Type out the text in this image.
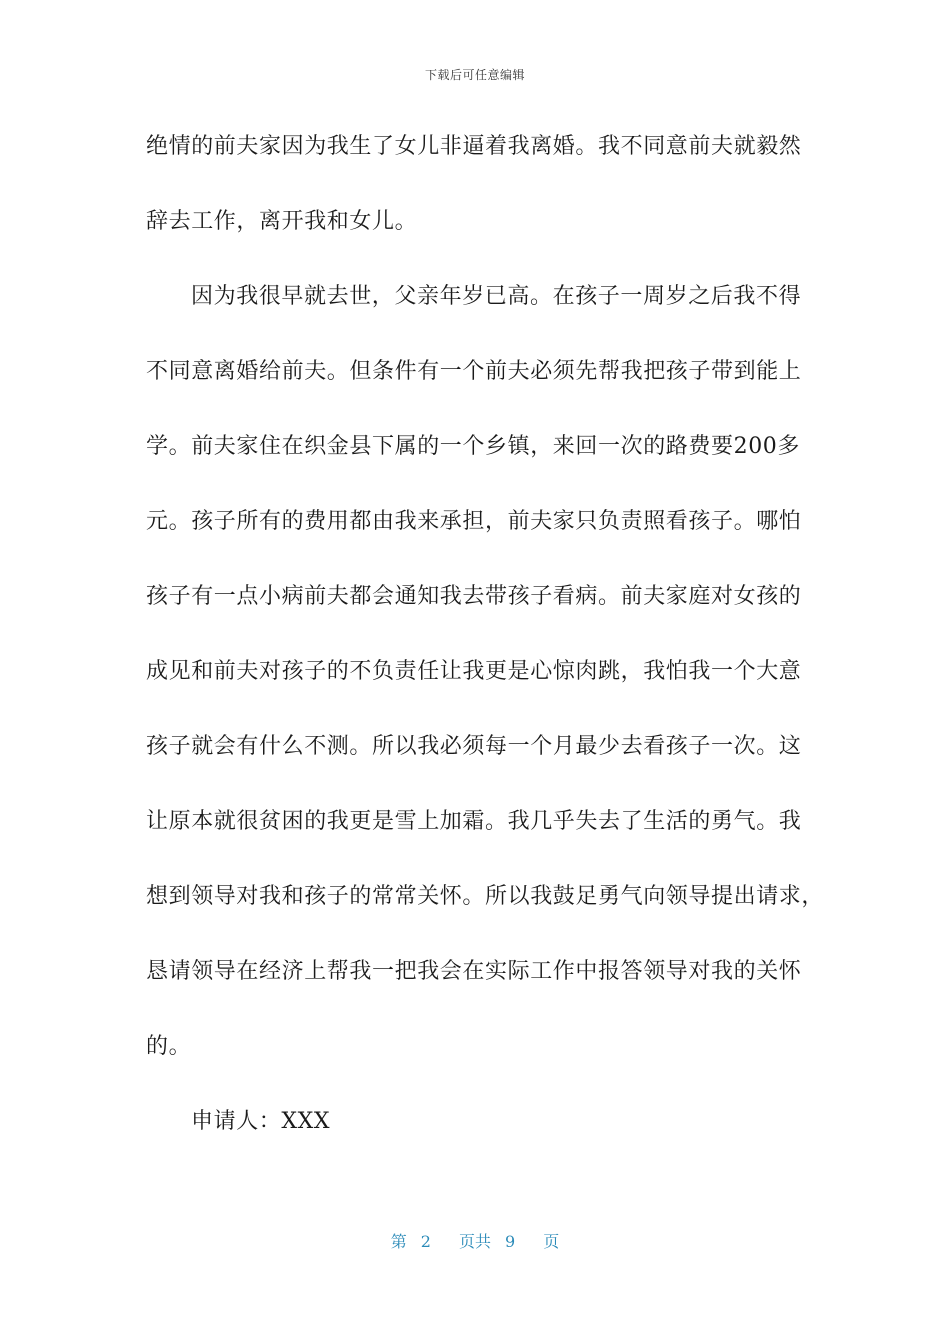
下载后可任意编辑
绝情的前夫家因为我生了女儿非逼着我离婚。我不同意前夫就毅然
辞去工作，离开我和女儿。
因为我很早就去世，父亲年岁已高。在孩子一周岁之后我不得
不同意离婚给前夫。但条件有一个前夫必须先帮我把孩子带到能上
学。前夫家住在织金县下属的一个乡镇，来回一次的路费要200多
元。孩子所有的费用都由我来承担，前夫家只负责照看孩子。哪怕
孩子有一点小病前夫都会通知我去带孩子看病。前夫家庭对女孩的
成见和前夫对孩子的不负责任让我更是心惊肉跳，我怕我一个大意
孩子就会有什么不测。所以我必须每一个月最少去看孩子一次。这
让原本就很贫困的我更是雪上加霜。我几乎失去了生活的勇气。我
想到领导对我和孩子的常常关怀。所以我鼓足勇气向领导提出请求，
恳请领导在经济上帮我一把我会在实际工作中报答领导对我的关怀
的。
申请人：XXX
第 2 页共 9 页
